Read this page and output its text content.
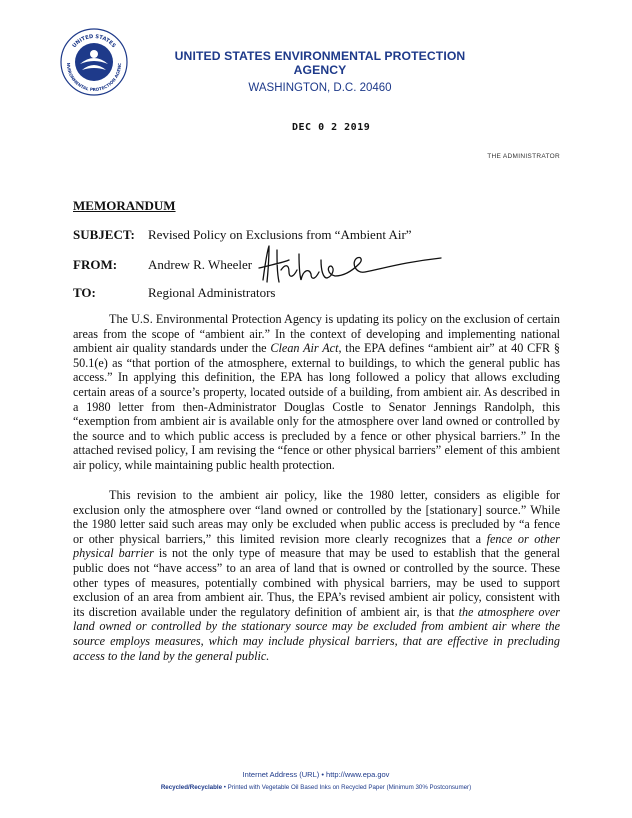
UNITED STATES
NVIRONMENTAL PROTECTION AGENC
UNITED STATES ENVIRONMENTAL PROTECTION AGENCY
WASHINGTON, D.C. 20460
DEC 0 2 2019
THE ADMINISTRATOR
MEMORANDUM
SUBJECT: Revised Policy on Exclusions from “Ambient Air”
FROM: Andrew R. Wheeler
TO:	Regional Administrators
The U.S. Environmental Protection Agency is updating its policy on the exclusion of certain areas from the scope of “ambient air.” In the context of developing and implementing national ambient air quality standards under the Clean Air Act, the EPA defines “ambient air” at 40 CFR § 50.1(e) as “that portion of the atmosphere, external to buildings, to which the general public has access.” In applying this definition, the EPA has long followed a policy that allows excluding certain areas of a source’s property, located outside of a building, from ambient air. As described in a 1980 letter from then-Administrator Douglas Costle to Senator Jennings Randolph, this “exemption from ambient air is available only for the atmosphere over land owned or controlled by the source and to which public access is precluded by a fence or other physical barriers.” In the attached revised policy, I am revising the “fence or other physical barriers” element of this ambient air policy, while maintaining public health protection.
This revision to the ambient air policy, like the 1980 letter, considers as eligible for exclusion only the atmosphere over “land owned or controlled by the [stationary] source.” While the 1980 letter said such areas may only be excluded when public access is precluded by “a fence or other physical barriers,” this limited revision more clearly recognizes that a fence or other physical barrier is not the only type of measure that may be used to establish that the general public does not “have access” to an area of land that is owned or controlled by the source. These other types of measures, potentially combined with physical barriers, may be used to support exclusion of an area from ambient air. Thus, the EPA’s revised ambient air policy, consistent with its discretion available under the regulatory definition of ambient air, is that the atmosphere over land owned or controlled by the stationary source may be excluded from ambient air where the source employs measures, which may include physical barriers, that are effective in precluding access to the land by the general public.
Internet Address (URL) • http://www.epa.gov
Recycled/Recyclable • Printed with Vegetable Oil Based Inks on Recycled Paper (Minimum 30% Postconsumer)
